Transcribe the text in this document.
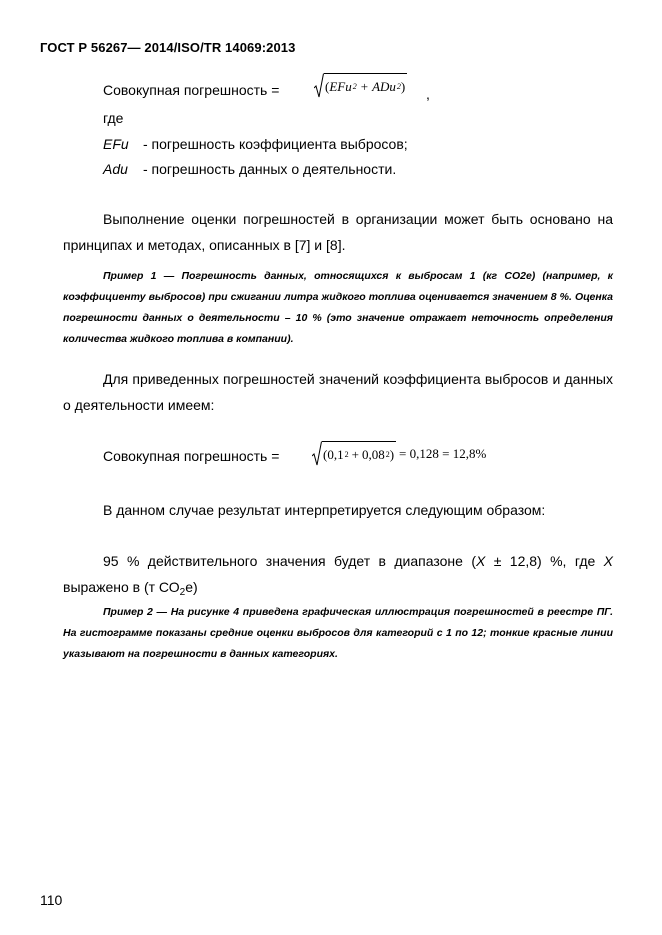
ГОСТ Р 56267— 2014/ISO/TR 14069:2013
Совокупная погрешность =	( EFu 2 + ADu 2 ) ,
где
EFu - погрешность коэффициента выбросов;
Adu - погрешность данных о деятельности.
Выполнение оценки погрешностей в организации может быть основано на принципах и методах, описанных в [7] и [8].
Пример 1 — Погрешность данных, относящихся к выбросам 1 (кг СО2е) (например, к коэффициенту выбросов) при сжигании литра жидкого топлива оценивается значением 8 %. Оценка погрешности данных о деятельности – 10 % (это значение отражает неточность определения количества жидкого топлива в компании).
Для приведенных погрешностей значений коэффициента выбросов и данных о деятельности имеем:
Совокупная погрешность =	( 0,1 2 + 0,08 2 ) = 0,128 = 12,8%
В данном случае результат интерпретируется следующим образом:
95 % действительного значения будет в диапазоне (X ± 12,8) %, где X выражено в (т $СО_2е$)
Пример 2 — На рисунке 4 приведена графическая иллюстрация погрешностей в реестре ПГ. На гистограмме показаны средние оценки выбросов для категорий с 1 по 12; тонкие красные линии указывают на погрешности в данных категориях.
110
